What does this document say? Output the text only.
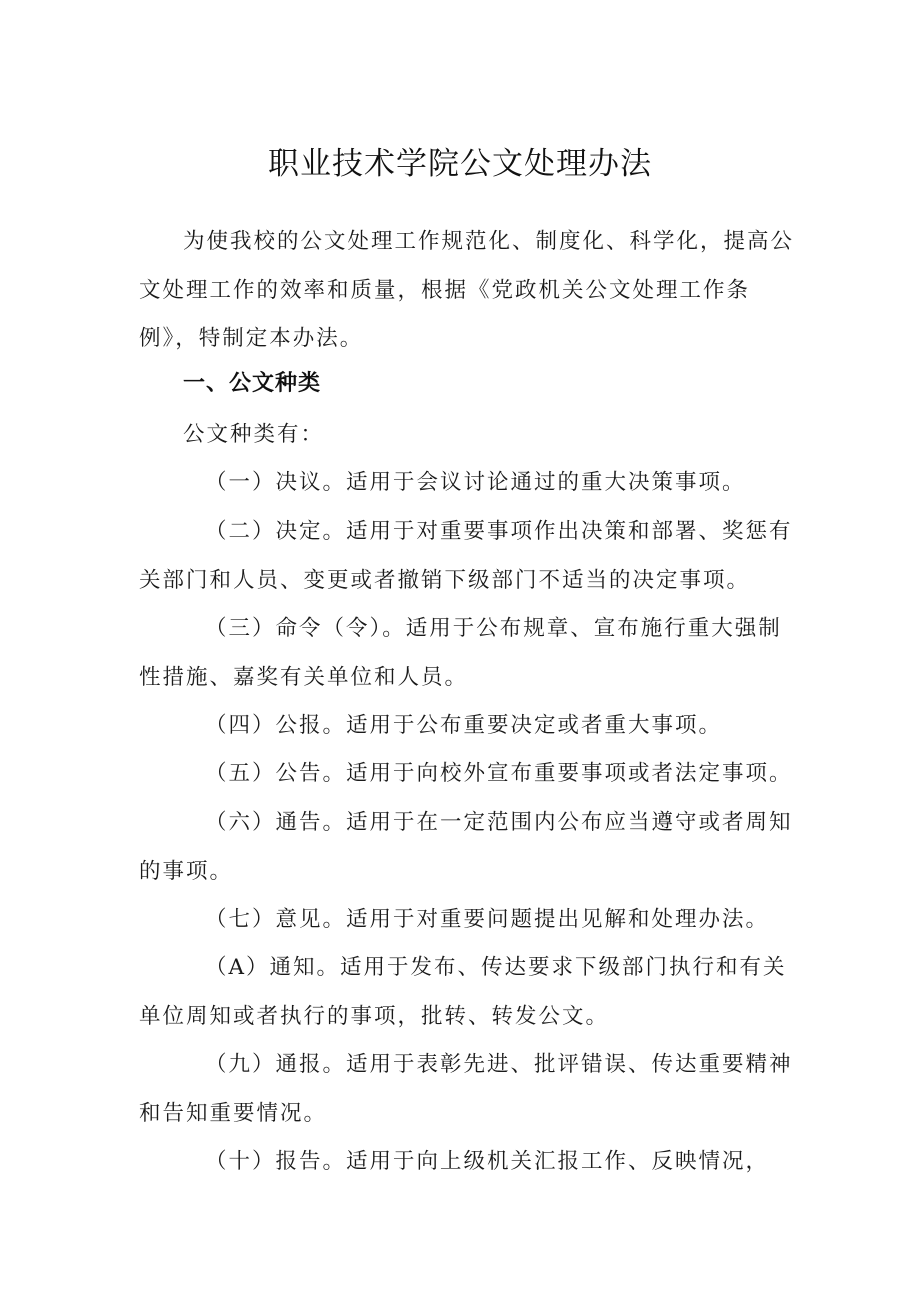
职业技术学院公文处理办法

为使我校的公文处理工作规范化、制度化、科学化，提高公文处理工作的效率和质量，根据《党政机关公文处理工作条例》，特制定本办法。

一、公文种类

公文种类有：

（一）决议。适用于会议讨论通过的重大决策事项。

（二）决定。适用于对重要事项作出决策和部署、奖惩有关部门和人员、变更或者撤销下级部门不适当的决定事项。

（三）命令（令）。适用于公布规章、宣布施行重大强制性措施、嘉奖有关单位和人员。

（四）公报。适用于公布重要决定或者重大事项。

（五）公告。适用于向校外宣布重要事项或者法定事项。

（六）通告。适用于在一定范围内公布应当遵守或者周知的事项。

（七）意见。适用于对重要问题提出见解和处理办法。

（A）通知。适用于发布、传达要求下级部门执行和有关单位周知或者执行的事项，批转、转发公文。

（九）通报。适用于表彰先进、批评错误、传达重要精神和告知重要情况。

（十）报告。适用于向上级机关汇报工作、反映情况，
